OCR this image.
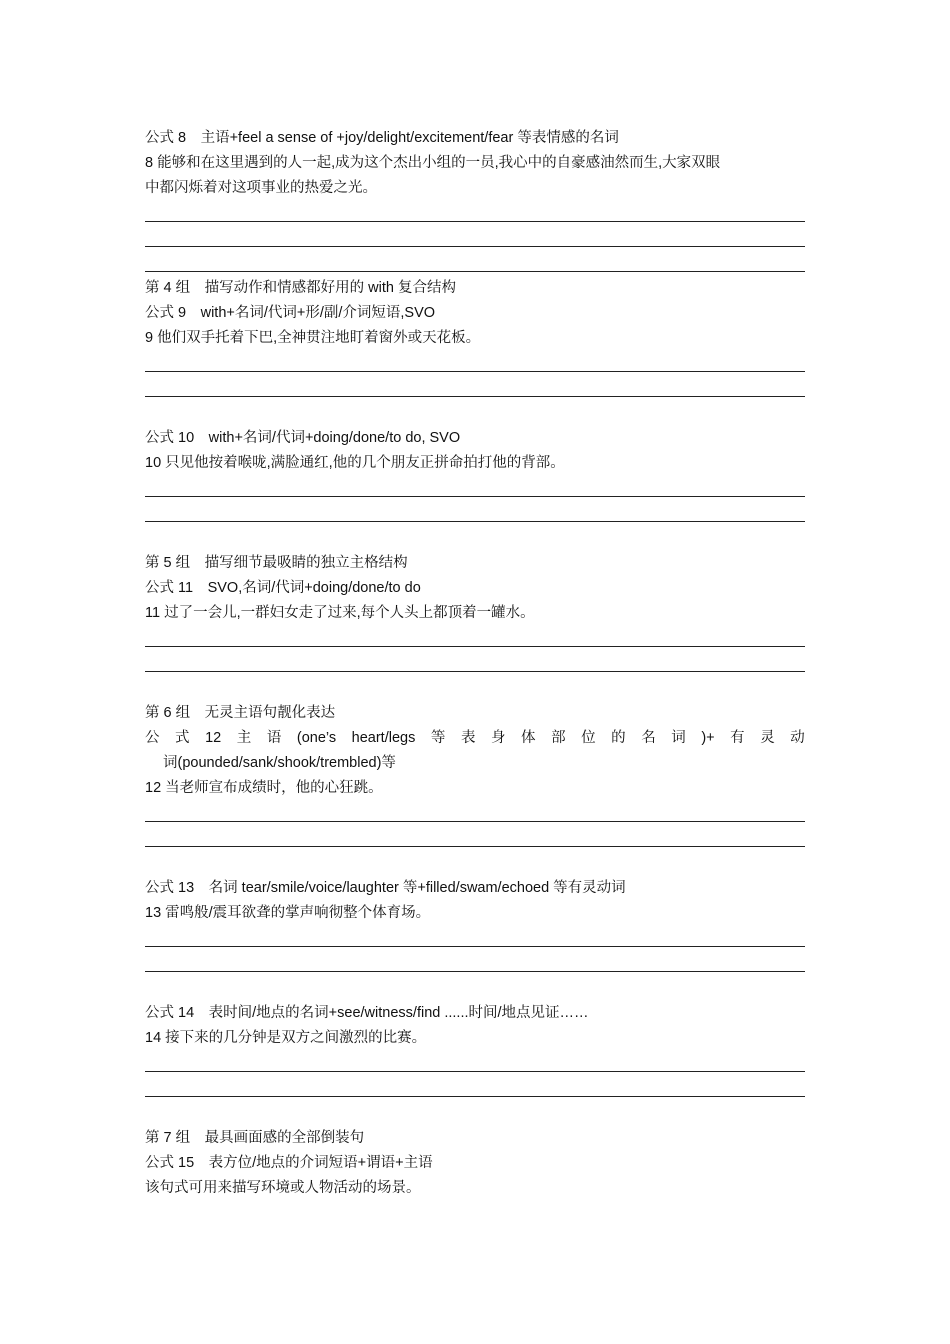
公式 8　主语+feel a sense of +joy/delight/excitement/fear 等表情感的名词
8 能够和在这里遇到的人一起,成为这个杰出小组的一员,我心中的自豪感油然而生,大家双眼
中都闪烁着对这项事业的热爱之光。
第 4 组　描写动作和情感都好用的 with 复合结构
公式 9　with+名词/代词+形/副/介词短语,SVO
9 他们双手托着下巴,全神贯注地盯着窗外或天花板。
公式 10　with+名词/代词+doing/done/to do, SVO
10 只见他按着喉咙,满脸通红,他的几个朋友正拼命拍打他的背部。
第 5 组　描写细节最吸睛的独立主格结构
公式 11　SVO,名词/代词+doing/done/to do
11 过了一会儿,一群妇女走了过来,每个人头上都顶着一罐水。
第 6 组　无灵主语句靓化表达
公 式 12 主 语 (one’s heart/legs 等 表 身 体 部 位 的 名 词 )+ 有 灵 动
词(pounded/sank/shook/trembled)等
12 当老师宣布成绩时，他的心狂跳。
公式 13　名词 tear/smile/voice/laughter 等+filled/swam/echoed 等有灵动词
13 雷鸣般/震耳欲聋的掌声响彻整个体育场。
公式 14　表时间/地点的名词+see/witness/find ......时间/地点见证……
14 接下来的几分钟是双方之间激烈的比赛。
第 7 组　最具画面感的全部倒装句
公式 15　表方位/地点的介词短语+谓语+主语
该句式可用来描写环境或人物活动的场景。
